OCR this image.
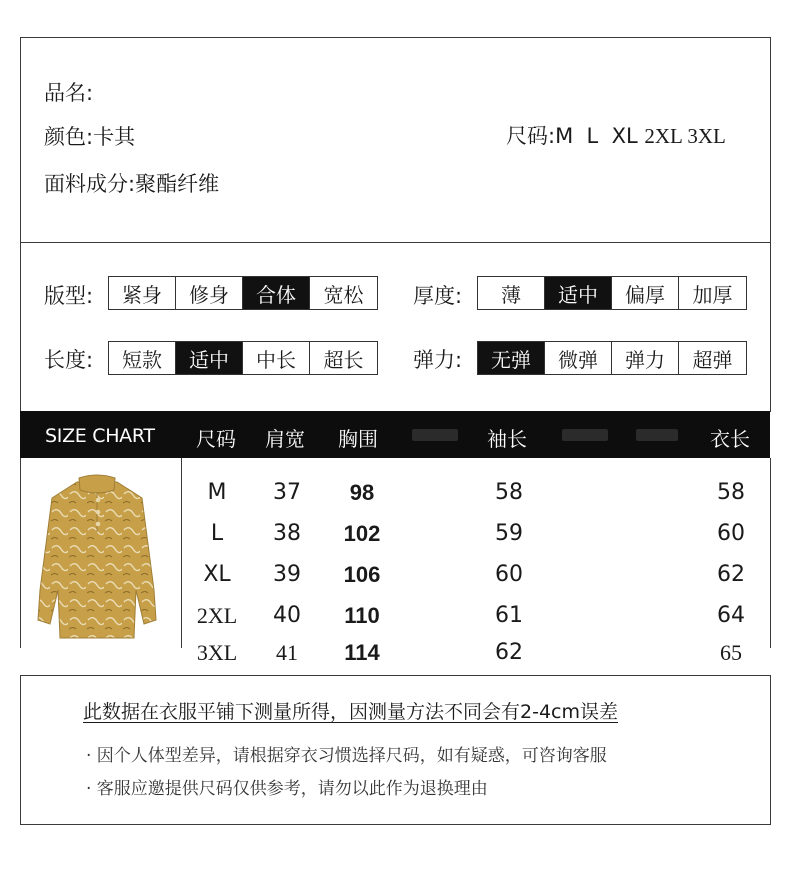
品名:
颜色:卡其
面料成分:聚酯纤维
尺码:M  L  XL 2XL 3XL
版型:	紧身	修身	合体	宽松	厚度:	薄	适中	偏厚	加厚
长度:	短款	适中	中长	超长	弹力:	无弹	微弹	弹力	超弹
SIZE CHART 尺码 肩宽 胸围	袖长	衣长
M 37 98	58	58
L 38 102	59	60
XL 39 106	60	62
2XL 40 110	61	64
3XL 41 114	62	65
此数据在衣服平铺下测量所得，因测量方法不同会有2-4cm误差
· 因个人体型差异，请根据穿衣习惯选择尺码，如有疑惑，可咨询客服
· 客服应邀提供尺码仅供参考，请勿以此作为退换理由
